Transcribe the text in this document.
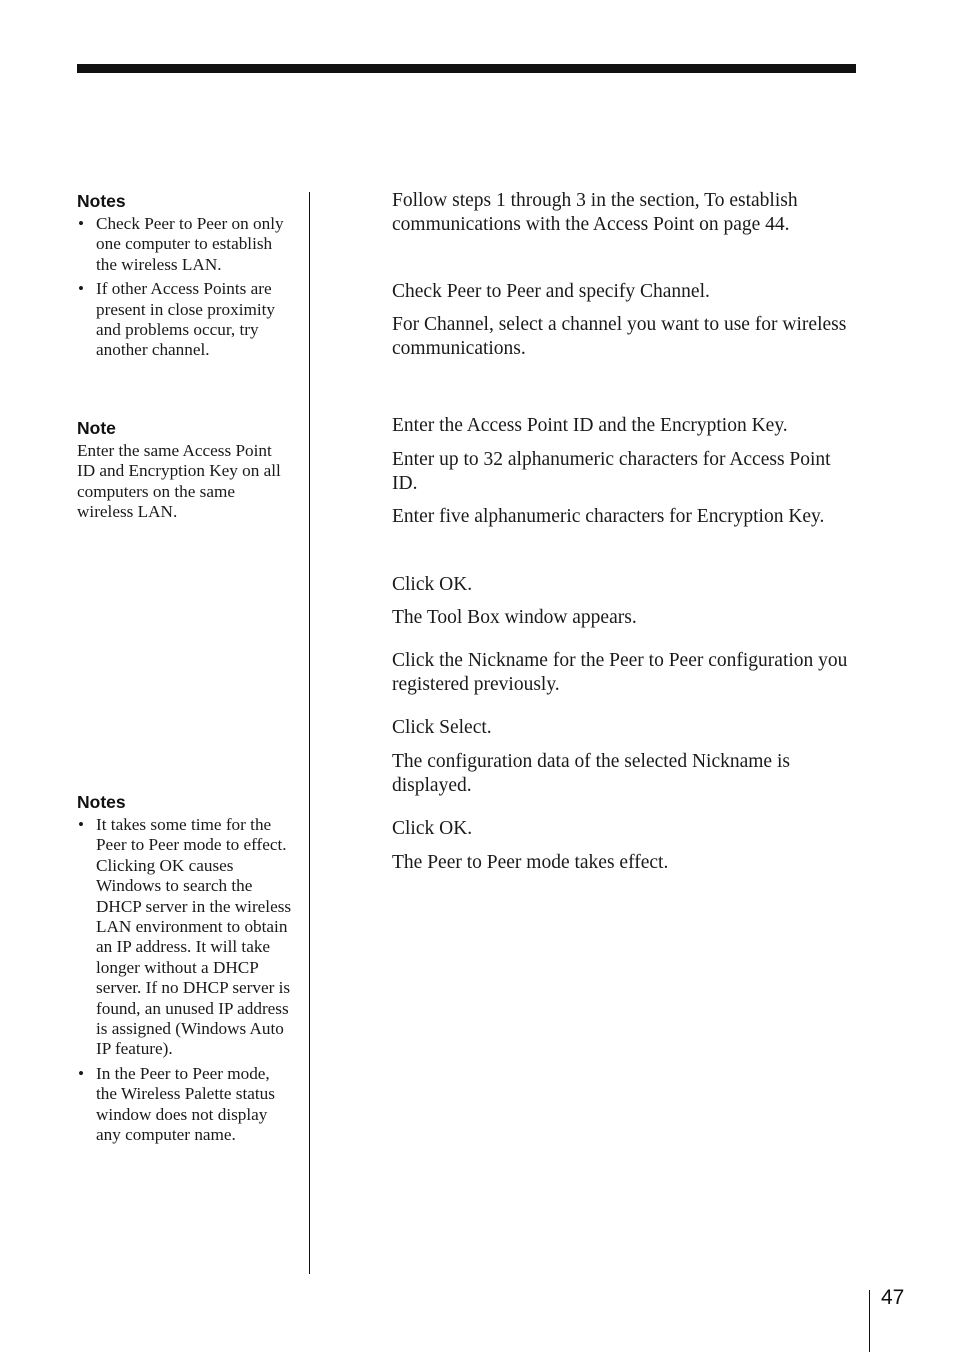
Notes
• Check Peer to Peer on only one computer to establish the wireless LAN.
• If other Access Points are present in close proximity and problems occur, try another channel.
Note

Enter the same Access Point ID and Encryption Key on all computers on the same wireless LAN.

Notes
• It takes some time for the Peer to Peer mode to effect.
Clicking OK causes Windows to search the DHCP server in the wireless LAN environment to obtain an IP address. It will take longer without a DHCP server. If no DHCP server is found, an unused IP address is assigned (Windows Auto IP feature).
• In the Peer to Peer mode, the Wireless Palette status window does not display any computer name.

Follow steps 1 through 3 in the section, To establish communications with the Access Point on page 44.

Check Peer to Peer and specify Channel.

For Channel, select a channel you want to use for wireless communications.

Enter the Access Point ID and the Encryption Key.

Enter up to 32 alphanumeric characters for Access Point ID.

Enter five alphanumeric characters for Encryption Key.

Click OK.

The Tool Box window appears.

Click the Nickname for the Peer to Peer configuration you registered previously.

Click Select.

The configuration data of the selected Nickname is displayed.

Click OK.

The Peer to Peer mode takes effect.

47
